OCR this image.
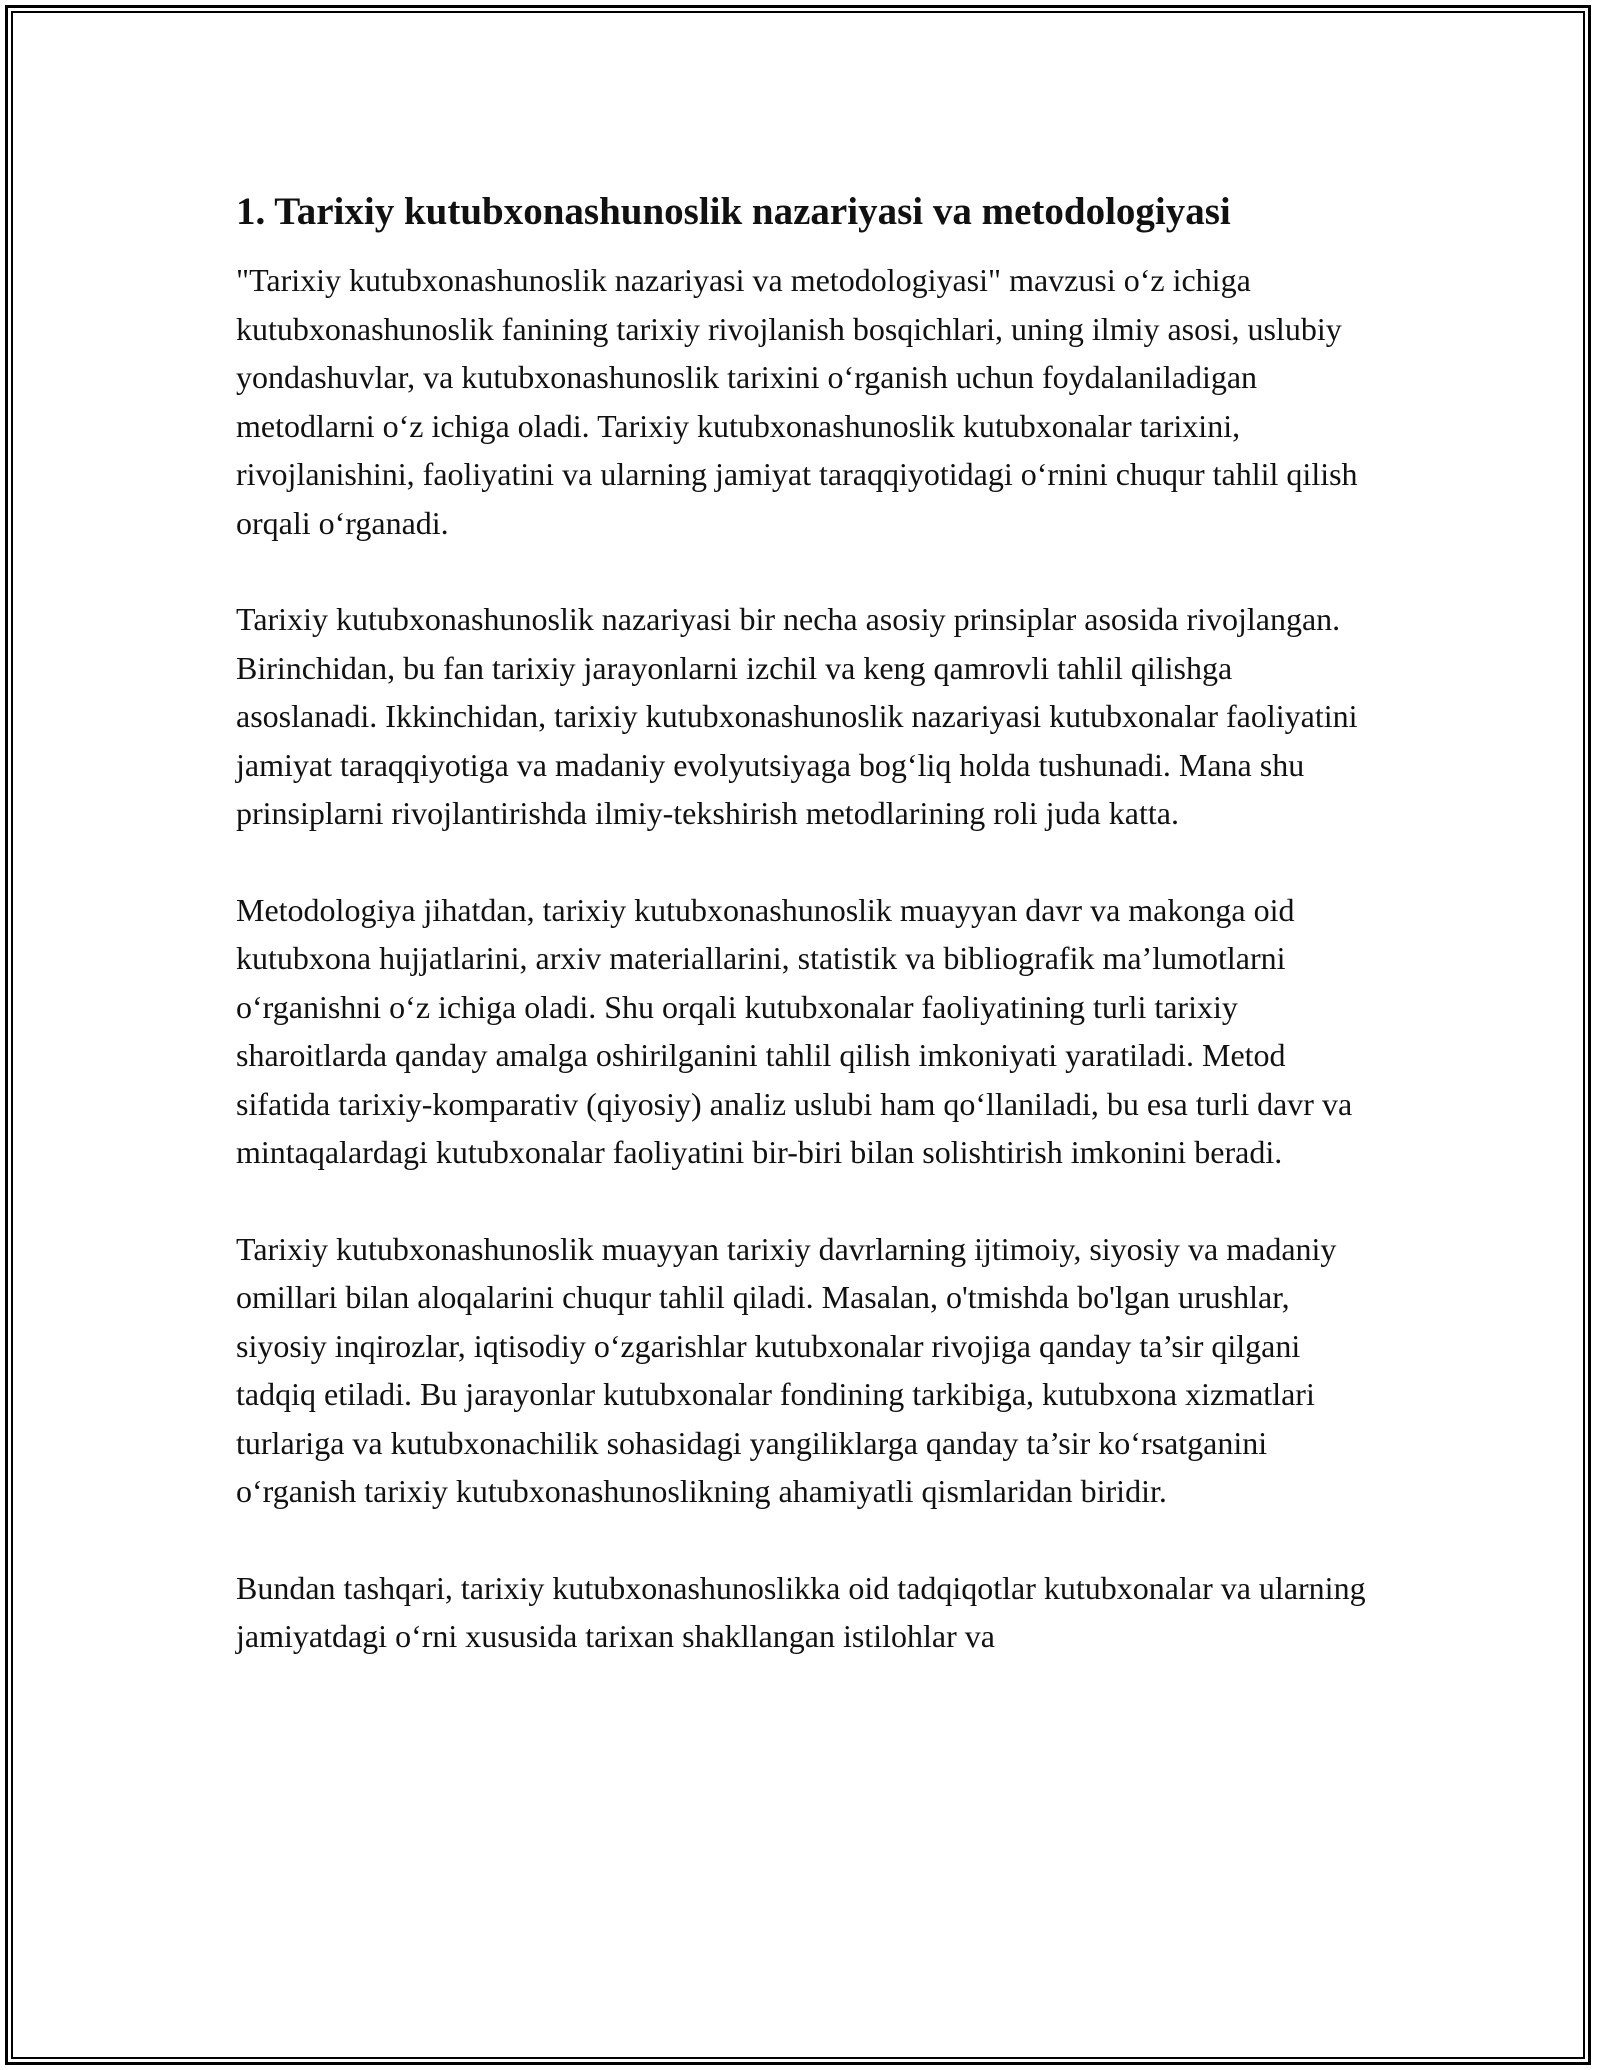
1. Tarixiy kutubxonashunoslik nazariyasi va metodologiyasi

"Tarixiy kutubxonashunoslik nazariyasi va metodologiyasi" mavzusi o‘z ichiga kutubxonashunoslik fanining tarixiy rivojlanish bosqichlari, uning ilmiy asosi, uslubiy yondashuvlar, va kutubxonashunoslik tarixini o‘rganish uchun foydalaniladigan metodlarni o‘z ichiga oladi. Tarixiy kutubxonashunoslik kutubxonalar tarixini, rivojlanishini, faoliyatini va ularning jamiyat taraqqiyotidagi o‘rnini chuqur tahlil qilish orqali o‘rganadi.

Tarixiy kutubxonashunoslik nazariyasi bir necha asosiy prinsiplar asosida rivojlangan. Birinchidan, bu fan tarixiy jarayonlarni izchil va keng qamrovli tahlil qilishga asoslanadi. Ikkinchidan, tarixiy kutubxonashunoslik nazariyasi kutubxonalar faoliyatini jamiyat taraqqiyotiga va madaniy evolyutsiyaga bog‘liq holda tushunadi. Mana shu prinsiplarni rivojlantirishda ilmiy-tekshirish metodlarining roli juda katta.

Metodologiya jihatdan, tarixiy kutubxonashunoslik muayyan davr va makonga oid kutubxona hujjatlarini, arxiv materiallarini, statistik va bibliografik ma’lumotlarni o‘rganishni o‘z ichiga oladi. Shu orqali kutubxonalar faoliyatining turli tarixiy sharoitlarda qanday amalga oshirilganini tahlil qilish imkoniyati yaratiladi. Metod sifatida tarixiy-komparativ (qiyosiy) analiz uslubi ham qo‘llaniladi, bu esa turli davr va mintaqalardagi kutubxonalar faoliyatini bir-biri bilan solishtirish imkonini beradi.

Tarixiy kutubxonashunoslik muayyan tarixiy davrlarning ijtimoiy, siyosiy va madaniy omillari bilan aloqalarini chuqur tahlil qiladi. Masalan, o'tmishda bo'lgan urushlar, siyosiy inqirozlar, iqtisodiy o‘zgarishlar kutubxonalar rivojiga qanday ta’sir qilgani tadqiq etiladi. Bu jarayonlar kutubxonalar fondining tarkibiga, kutubxona xizmatlari turlariga va kutubxonachilik sohasidagi yangiliklarga qanday ta’sir ko‘rsatganini o‘rganish tarixiy kutubxonashunoslikning ahamiyatli qismlaridan biridir.

Bundan tashqari, tarixiy kutubxonashunoslikka oid tadqiqotlar kutubxonalar va ularning jamiyatdagi o‘rni xususida tarixan shakllangan istilohlar va
